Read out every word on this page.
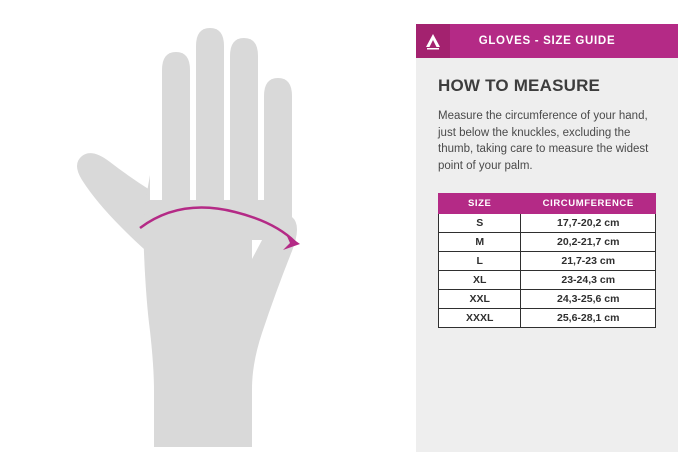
GLOVES - SIZE GUIDE
HOW TO MEASURE

Measure the circumference of your hand, just below the knuckles, excluding the thumb, taking care to measure the widest point of your palm.

SIZE	CIRCUMFERENCE
S	17,7-20,2 cm
M	20,2-21,7 cm
L	21,7-23 cm
XL	23-24,3 cm
XXL	24,3-25,6 cm
XXXL	25,6-28,1 cm
